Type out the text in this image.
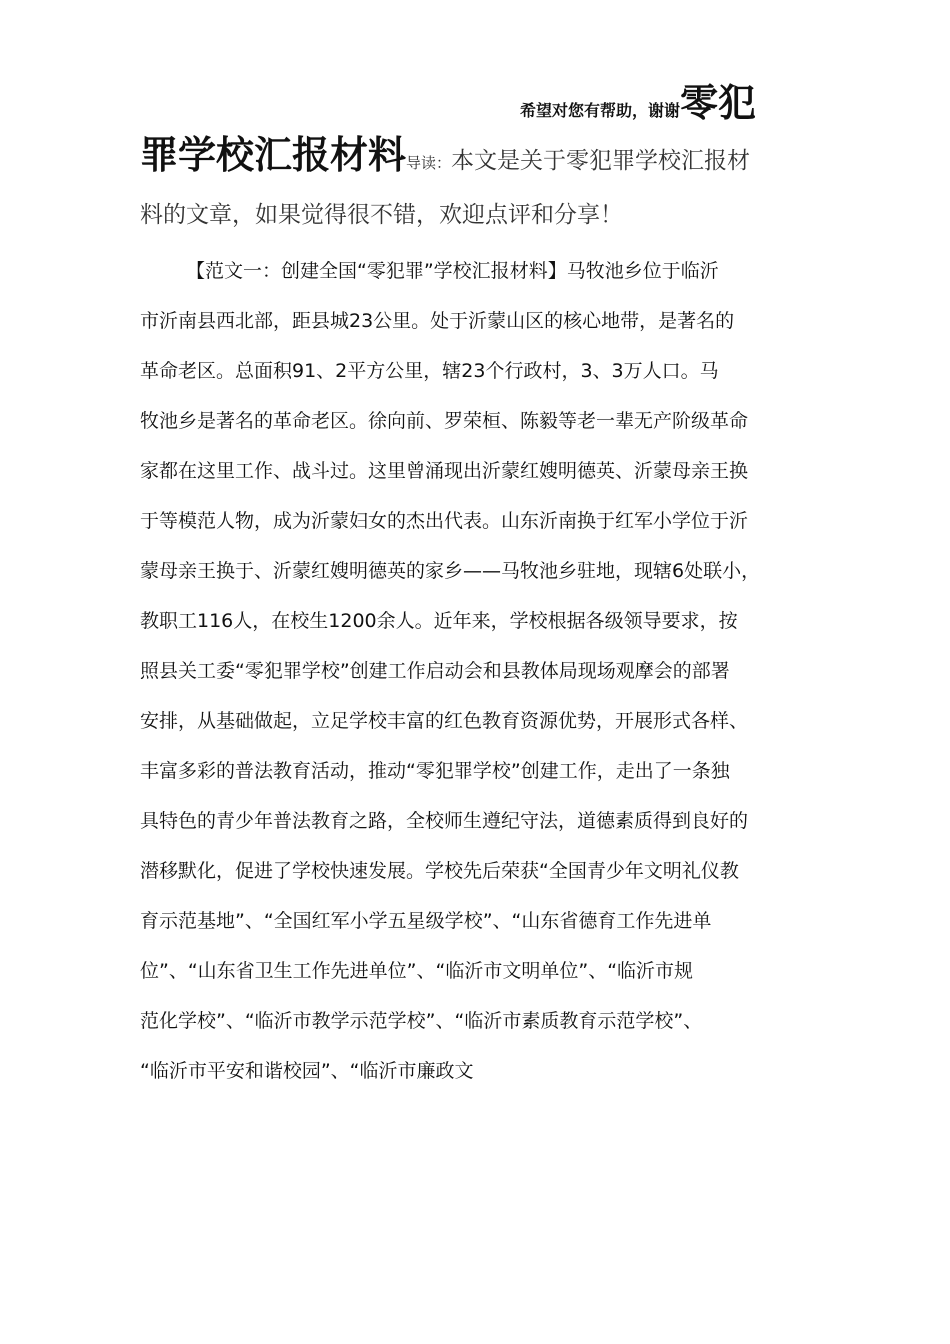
希望对您有帮助，谢谢零犯
罪学校汇报材料导读：本文是关于零犯罪学校汇报材
料的文章，如果觉得很不错，欢迎点评和分享！
【范文一：创建全国“零犯罪”学校汇报材料】马牧池乡位于临沂
市沂南县西北部，距县城23公里。处于沂蒙山区的核心地带，是著名的
革命老区。总面积91、2平方公里，辖23个行政村，3、3万人口。马
牧池乡是著名的革命老区。徐向前、罗荣桓、陈毅等老一辈无产阶级革命
家都在这里工作、战斗过。这里曾涌现出沂蒙红嫂明德英、沂蒙母亲王换
于等模范人物，成为沂蒙妇女的杰出代表。山东沂南换于红军小学位于沂
蒙母亲王换于、沂蒙红嫂明德英的家乡——马牧池乡驻地，现辖6处联小，
教职工116人，在校生1200余人。近年来，学校根据各级领导要求，按
照县关工委“零犯罪学校”创建工作启动会和县教体局现场观摩会的部署
安排，从基础做起，立足学校丰富的红色教育资源优势，开展形式各样、
丰富多彩的普法教育活动，推动“零犯罪学校”创建工作，走出了一条独
具特色的青少年普法教育之路，全校师生遵纪守法，道德素质得到良好的
潜移默化，促进了学校快速发展。学校先后荣获“全国青少年文明礼仪教
育示范基地”、“全国红军小学五星级学校”、“山东省德育工作先进单
位”、“山东省卫生工作先进单位”、“临沂市文明单位”、“临沂市规
范化学校”、“临沂市教学示范学校”、“临沂市素质教育示范学校”、
“临沂市平安和谐校园”、“临沂市廉政文
